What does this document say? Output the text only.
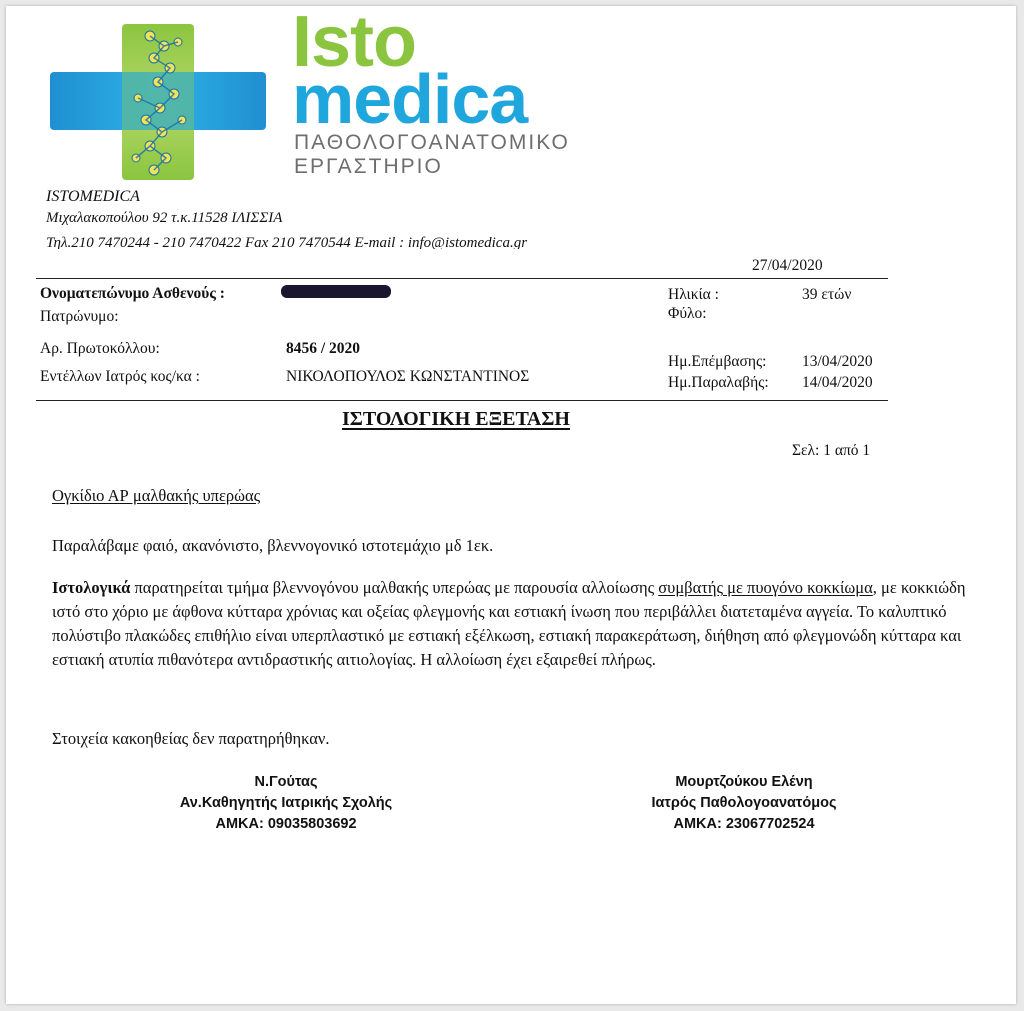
Isto
medica
ΠΑΘΟΛΟΓΟΑΝΑΤΟΜΙΚΟ
ΕΡΓΑΣΤΗΡΙΟ
ISTOMEDICA
Μιχαλακοπούλου 92 τ.κ.11528 ΙΛΙΣΣΙΑ
Τηλ.210 7470244 - 210 7470422 Fax 210 7470544 E-mail : info@istomedica.gr
27/04/2020
Ονοματεπώνυμο Ασθενούς :
Πατρώνυμο:
Αρ. Πρωτοκόλλου:	8456 / 2020
Εντέλλων Ιατρός κος/κα :	ΝΙΚΟΛΟΠΟΥΛΟΣ ΚΩΝΣΤΑΝΤΙΝΟΣ
Ηλικία :	39 ετών
Φύλο:
Ημ.Επέμβασης: 13/04/2020
Ημ.Παραλαβής: 14/04/2020
ΙΣΤΟΛΟΓΙΚΗ ΕΞΕΤΑΣΗ
Σελ: 1 από 1
Ογκίδιο ΑΡ μαλθακής υπερώας
Παραλάβαμε φαιό, ακανόνιστο, βλεννογονικό ιστοτεμάχιο μδ 1εκ.
Ιστολογικά παρατηρείται τμήμα βλεννογόνου μαλθακής υπερώας με παρουσία αλλοίωσης συμβατής με πυογόνο κοκκίωμα, με κοκκιώδη ιστό στο χόριο με άφθονα κύτταρα χρόνιας και οξείας φλεγμονής και εστιακή ίνωση που περιβάλλει διατεταμένα αγγεία. Το καλυπτικό πολύστιβο πλακώδες επιθήλιο είναι υπερπλαστικό με εστιακή εξέλκωση, εστιακή παρακεράτωση, διήθηση από φλεγμονώδη κύτταρα και εστιακή ατυπία πιθανότερα αντιδραστικής αιτιολογίας. Η αλλοίωση έχει εξαιρεθεί πλήρως.
Στοιχεία κακοηθείας δεν παρατηρήθηκαν.
Ν.Γούτας
Αν.Καθηγητής Ιατρικής Σχολής
ΑΜΚΑ: 09035803692
Μουρτζούκου Ελένη
Ιατρός Παθολογοανατόμος
ΑΜΚΑ: 23067702524
